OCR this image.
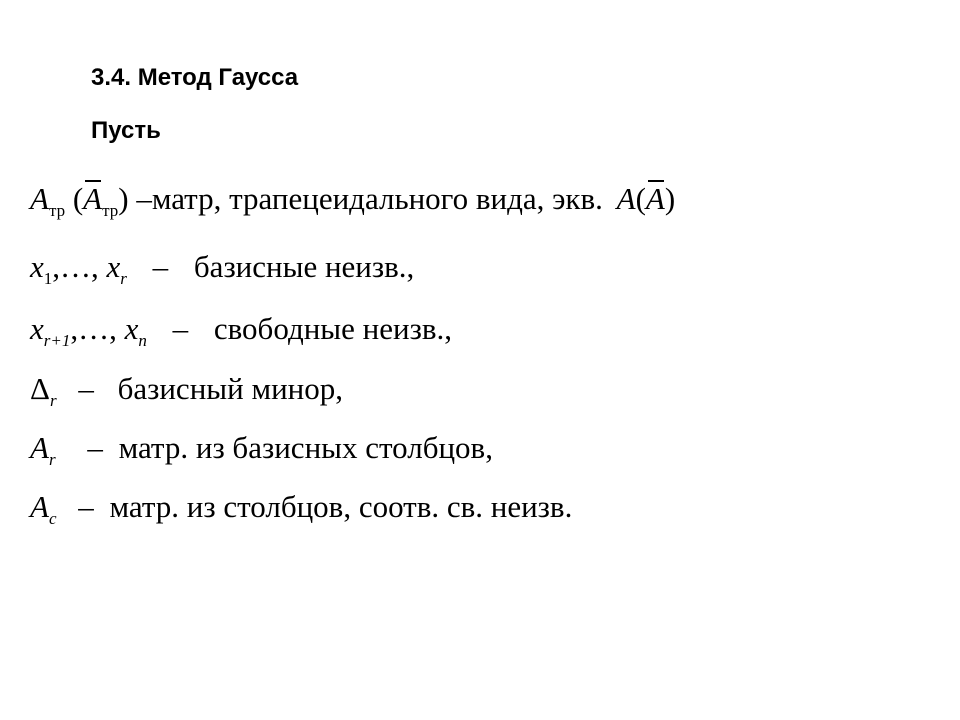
3.4. Метод Гаусса
Пусть
$A_{тр}$ $(A_{тр})$ –матр, трапецеидального вида, экв. A(A)
$x_1,\dots$, $x_r$ – базисные неизв.,
$x_{r+1},\dots$, $x_n$ – свободные неизв.,
$\Delta_r$ – базисный минор,
$A_r$ – матр. из базисных столбцов,
$A_c$ – матр. из столбцов, соотв. св. неизв.
